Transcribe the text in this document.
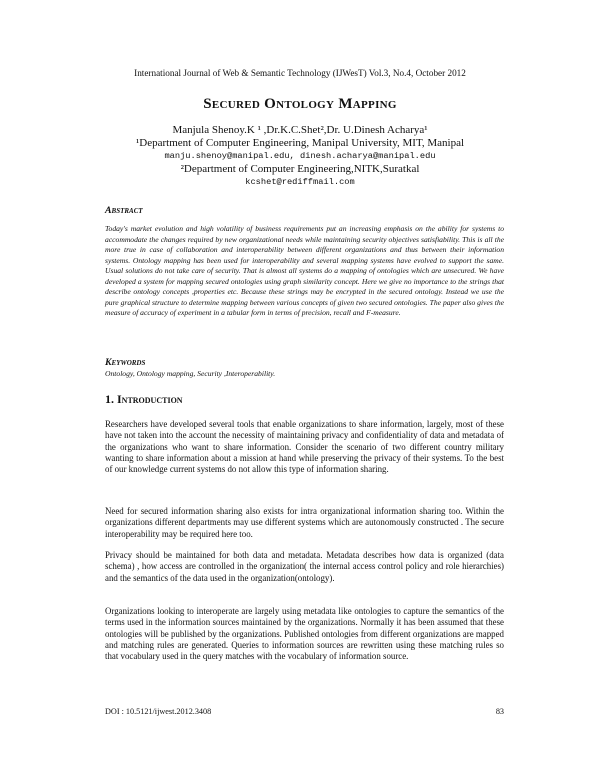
International Journal of Web & Semantic Technology (IJWesT) Vol.3, No.4, October 2012
Secured Ontology Mapping
Manjula Shenoy.K ¹ ,Dr.K.C.Shet²,Dr. U.Dinesh Acharya¹
¹Department of Computer Engineering, Manipal University, MIT, Manipal
manju.shenoy@manipal.edu, dinesh.acharya@manipal.edu
²Department of Computer Engineering,NITK,Suratkal
kcshet@rediffmail.com
Abstract
Today's market evolution and high volatility of business requirements put an increasing emphasis on the ability for systems to accommodate the changes required by new organizational needs while maintaining security objectives satisfiability. This is all the more true in case of collaboration and interoperability between different organizations and thus between their information systems. Ontology mapping has been used for interoperability and several mapping systems have evolved to support the same. Usual solutions do not take care of security. That is almost all systems do a mapping of ontologies which are unsecured. We have developed a system for mapping secured ontologies using graph similarity concept. Here we give no importance to the strings that describe ontology concepts ,properties etc. Because these strings may be encrypted in the secured ontology. Instead we use the pure graphical structure to determine mapping between various concepts of given two secured ontologies. The paper also gives the measure of accuracy of experiment in a tabular form in terms of precision, recall and F-measure.
Keywords
Ontology, Ontology mapping, Security ,Interoperability.
1. Introduction
Researchers have developed several tools that enable organizations to share information, largely, most of these have not taken into the account the necessity of maintaining privacy and confidentiality of data and metadata of the organizations who want to share information. Consider the scenario of two different country military wanting to share information about a mission at hand while preserving the privacy of their systems. To the best of our knowledge current systems do not allow this type of information sharing.
Need for secured information sharing also exists for intra organizational information sharing too. Within the organizations different departments may use different systems which are autonomously constructed . The secure interoperability may be required here too.
Privacy should be maintained for both data and metadata. Metadata describes how data is organized (data schema) , how access are controlled in the organization( the internal access control policy and role hierarchies) and the semantics of the data used in the organization(ontology).
Organizations looking to interoperate are largely using metadata like ontologies to capture the semantics of the terms used in the information sources maintained by the organizations. Normally it has been assumed that these ontologies will be published by the organizations. Published ontologies from different organizations are mapped and matching rules are generated. Queries to information sources are rewritten using these matching rules so that vocabulary used in the query matches with the vocabulary of information source.
DOI : 10.5121/ijwest.2012.3408	83
